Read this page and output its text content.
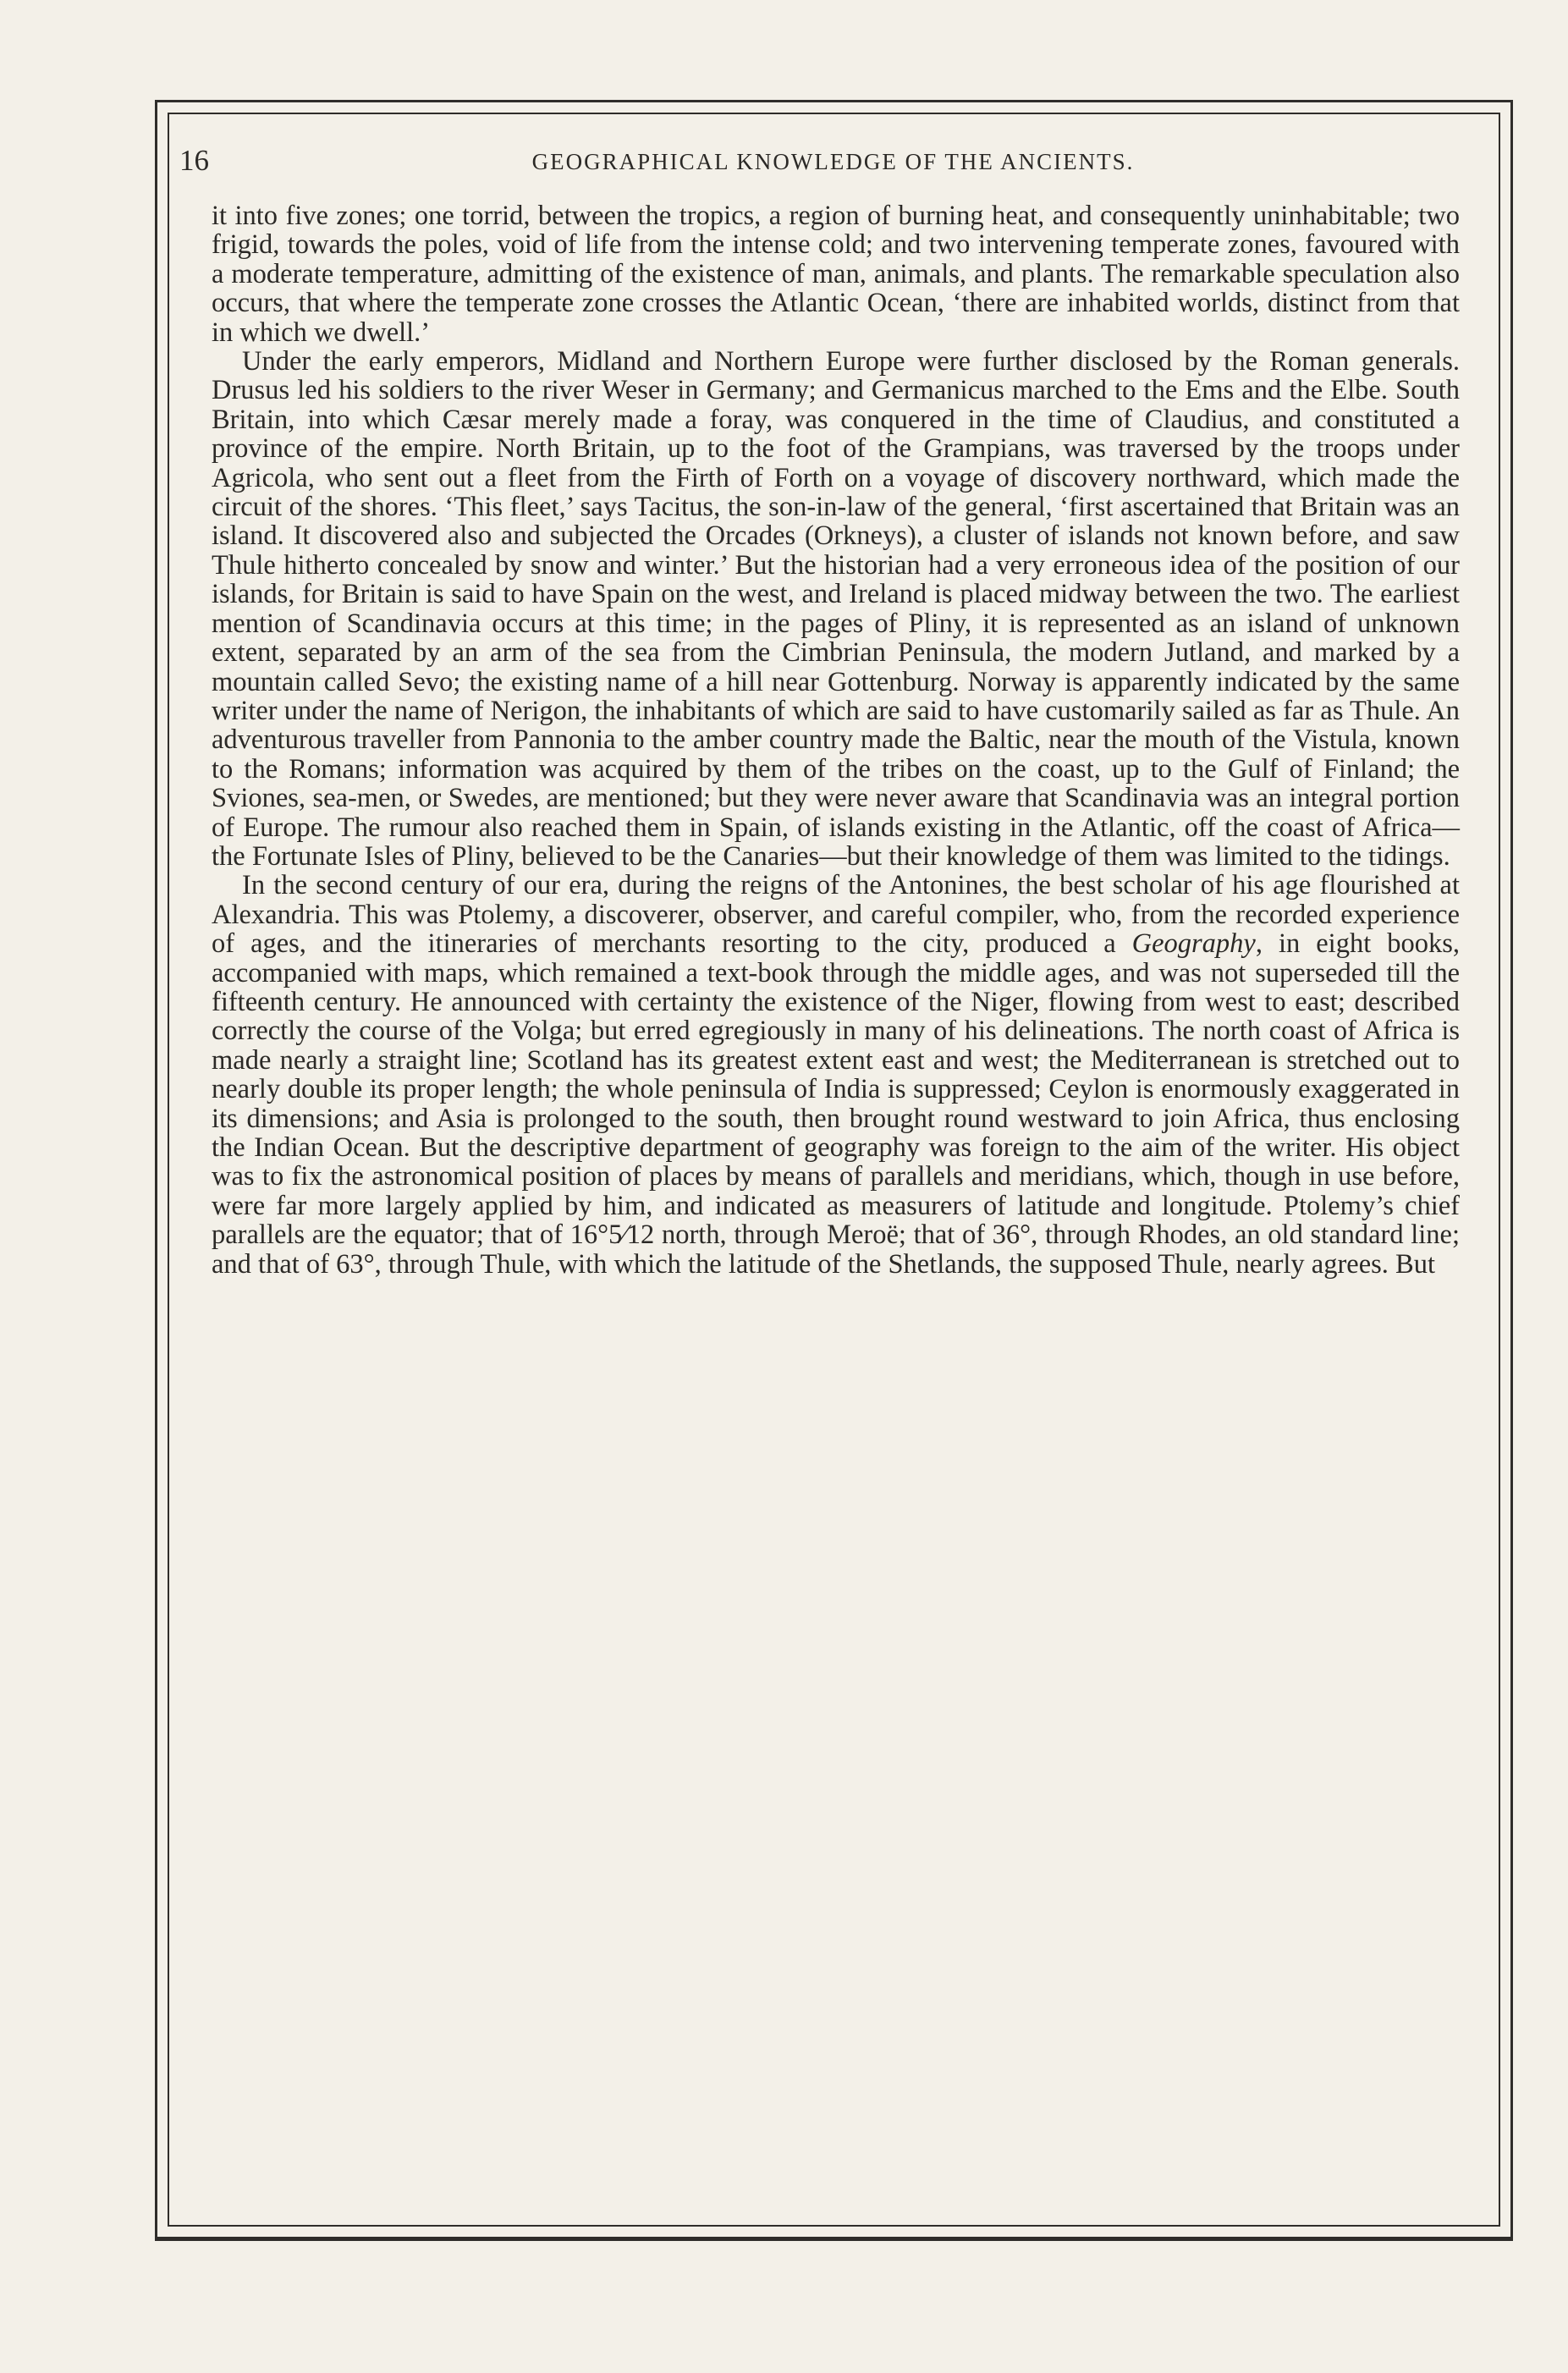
16	GEOGRAPHICAL KNOWLEDGE OF THE ANCIENTS.

it into five zones; one torrid, between the tropics, a region of burning heat, and consequently uninhabitable; two frigid, towards the poles, void of life from the intense cold; and two intervening temperate zones, favoured with a moderate temperature, admitting of the existence of man, animals, and plants. The remarkable speculation also occurs, that where the temperate zone crosses the Atlantic Ocean, ‘there are inhabited worlds, distinct from that in which we dwell.’

Under the early emperors, Midland and Northern Europe were further disclosed by the Roman generals. Drusus led his soldiers to the river Weser in Germany; and Germanicus marched to the Ems and the Elbe. South Britain, into which Cæsar merely made a foray, was conquered in the time of Claudius, and constituted a province of the empire. North Britain, up to the foot of the Grampians, was traversed by the troops under Agricola, who sent out a fleet from the Firth of Forth on a voyage of discovery northward, which made the circuit of the shores. ‘This fleet,’ says Tacitus, the son-in-law of the general, ‘first ascertained that Britain was an island. It discovered also and subjected the Orcades (Orkneys), a cluster of islands not known before, and saw Thule hitherto concealed by snow and winter.’ But the historian had a very erroneous idea of the position of our islands, for Britain is said to have Spain on the west, and Ireland is placed midway between the two. The earliest mention of Scandinavia occurs at this time; in the pages of Pliny, it is represented as an island of unknown extent, separated by an arm of the sea from the Cimbrian Peninsula, the modern Jutland, and marked by a mountain called Sevo; the existing name of a hill near Gottenburg. Norway is apparently indicated by the same writer under the name of Nerigon, the inhabitants of which are said to have customarily sailed as far as Thule. An adventurous traveller from Pannonia to the amber country made the Baltic, near the mouth of the Vistula, known to the Romans; information was acquired by them of the tribes on the coast, up to the Gulf of Finland; the Sviones, sea-men, or Swedes, are mentioned; but they were never aware that Scandinavia was an integral portion of Europe. The rumour also reached them in Spain, of islands existing in the Atlantic, off the coast of Africa—the Fortunate Isles of Pliny, believed to be the Canaries—but their knowledge of them was limited to the tidings.

In the second century of our era, during the reigns of the Antonines, the best scholar of his age flourished at Alexandria. This was Ptolemy, a discoverer, observer, and careful compiler, who, from the recorded experience of ages, and the itineraries of merchants resorting to the city, produced a Geography, in eight books, accompanied with maps, which remained a text-book through the middle ages, and was not superseded till the fifteenth century. He announced with certainty the existence of the Niger, flowing from west to east; described correctly the course of the Volga; but erred egregiously in many of his delineations. The north coast of Africa is made nearly a straight line; Scotland has its greatest extent east and west; the Mediterranean is stretched out to nearly double its proper length; the whole peninsula of India is suppressed; Ceylon is enormously exaggerated in its dimensions; and Asia is prolonged to the south, then brought round westward to join Africa, thus enclosing the Indian Ocean. But the descriptive department of geography was foreign to the aim of the writer. His object was to fix the astronomical position of places by means of parallels and meridians, which, though in use before, were far more largely applied by him, and indicated as measurers of latitude and longitude. Ptolemy’s chief parallels are the equator; that of 16°5⁄12 north, through Meroë; that of 36°, through Rhodes, an old standard line; and that of 63°, through Thule, with which the latitude of the Shetlands, the supposed Thule, nearly agrees. But
